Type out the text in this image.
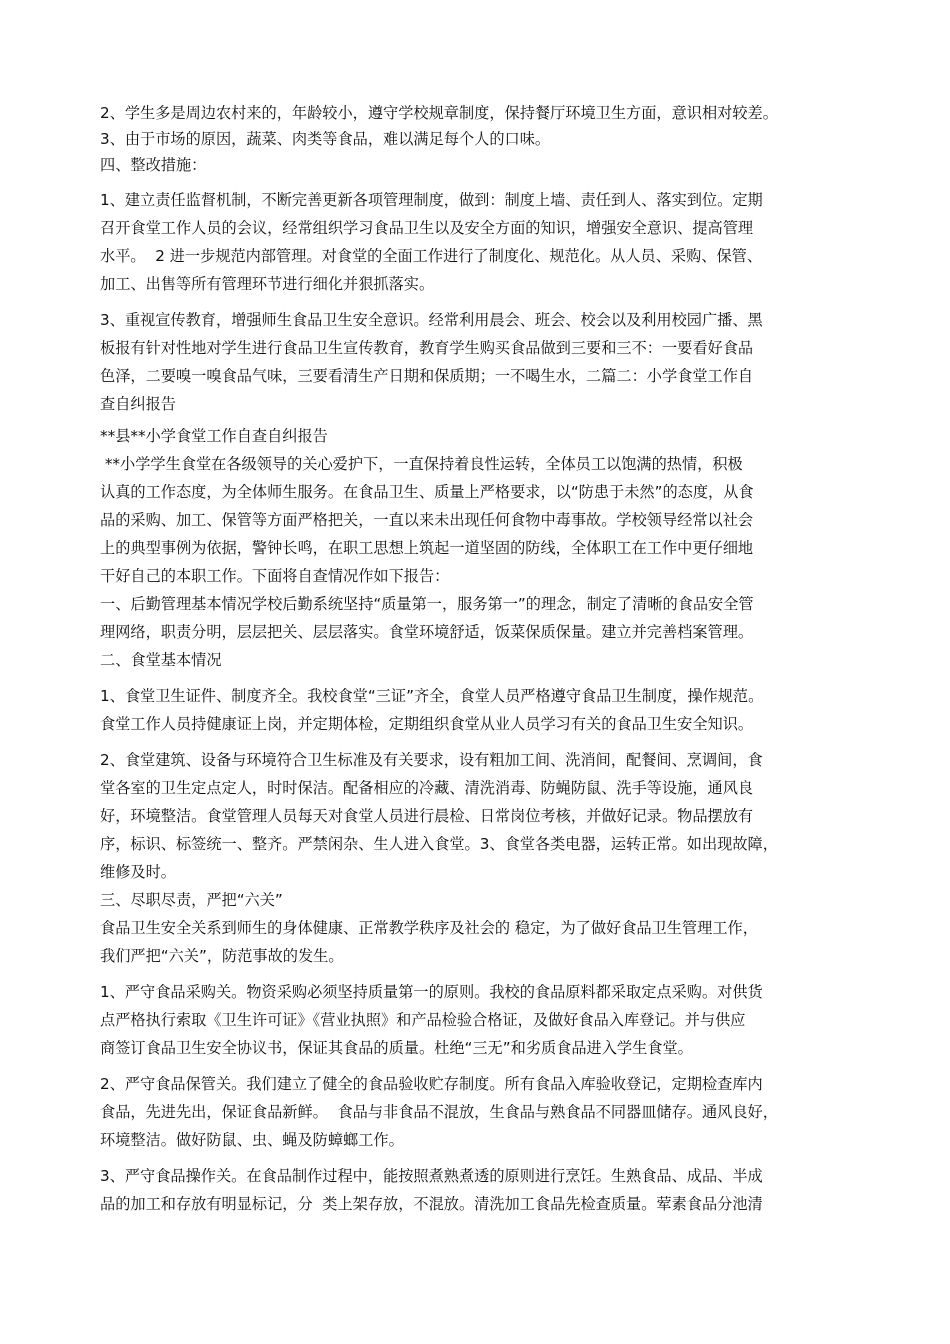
2、学生多是周边农村来的，年龄较小，遵守学校规章制度，保持餐厅环境卫生方面，意识相对较差。
3、由于市场的原因，蔬菜、肉类等食品，难以满足每个人的口味。
四、整改措施：
1、建立责任监督机制，不断完善更新各项管理制度，做到：制度上墙、责任到人、落实到位。定期
召开食堂工作人员的会议，经常组织学习食品卫生以及安全方面的知识，增强安全意识、提高管理
水平。  2 进一步规范内部管理。对食堂的全面工作进行了制度化、规范化。从人员、采购、保管、
加工、出售等所有管理环节进行细化并狠抓落实。
3、重视宣传教育，增强师生食品卫生安全意识。经常利用晨会、班会、校会以及利用校园广播、黑
板报有针对性地对学生进行食品卫生宣传教育，教育学生购买食品做到三要和三不：一要看好食品
色泽，二要嗅一嗅食品气味，三要看清生产日期和保质期；一不喝生水，二篇二：小学食堂工作自
查自纠报告
**县**小学食堂工作自查自纠报告
**小学学生食堂在各级领导的关心爱护下，一直保持着良性运转，全体员工以饱满的热情，积极
认真的工作态度，为全体师生服务。在食品卫生、质量上严格要求，以“防患于未然”的态度，从食
品的采购、加工、保管等方面严格把关，一直以来未出现任何食物中毒事故。学校领导经常以社会
上的典型事例为依据，警钟长鸣，在职工思想上筑起一道坚固的防线，全体职工在工作中更仔细地
干好自己的本职工作。下面将自查情况作如下报告：
一、后勤管理基本情况学校后勤系统坚持“质量第一，服务第一”的理念，制定了清晰的食品安全管
理网络，职责分明，层层把关、层层落实。食堂环境舒适，饭菜保质保量。建立并完善档案管理。
二、食堂基本情况
1、食堂卫生证件、制度齐全。我校食堂“三证”齐全，食堂人员严格遵守食品卫生制度，操作规范。
食堂工作人员持健康证上岗，并定期体检，定期组织食堂从业人员学习有关的食品卫生安全知识。
2、食堂建筑、设备与环境符合卫生标准及有关要求，设有粗加工间、洗消间，配餐间、烹调间，食
堂各室的卫生定点定人，时时保洁。配备相应的冷藏、清洗消毒、防蝇防鼠、洗手等设施，通风良
好，环境整洁。食堂管理人员每天对食堂人员进行晨检、日常岗位考核，并做好记录。物品摆放有
序，标识、标签统一、整齐。严禁闲杂、生人进入食堂。3、食堂各类电器，运转正常。如出现故障，
维修及时。
三、尽职尽责，严把“六关”
食品卫生安全关系到师生的身体健康、正常教学秩序及社会的 稳定，为了做好食品卫生管理工作，
我们严把“六关”，防范事故的发生。
1、严守食品采购关。物资采购必须坚持质量第一的原则。我校的食品原料都采取定点采购。对供货
点严格执行索取《卫生许可证》《营业执照》和产品检验合格证，及做好食品入库登记。并与供应
商签订食品卫生安全协议书，保证其食品的质量。杜绝“三无”和劣质食品进入学生食堂。
2、严守食品保管关。我们建立了健全的食品验收贮存制度。所有食品入库验收登记，定期检查库内
食品，先进先出，保证食品新鲜。  食品与非食品不混放，生食品与熟食品不同器皿储存。通风良好，
环境整洁。做好防鼠、虫、蝇及防蟑螂工作。
3、严守食品操作关。在食品制作过程中，能按照煮熟煮透的原则进行烹饪。生熟食品、成品、半成
品的加工和存放有明显标记，分  类上架存放，不混放。清洗加工食品先检查质量。荤素食品分池清
